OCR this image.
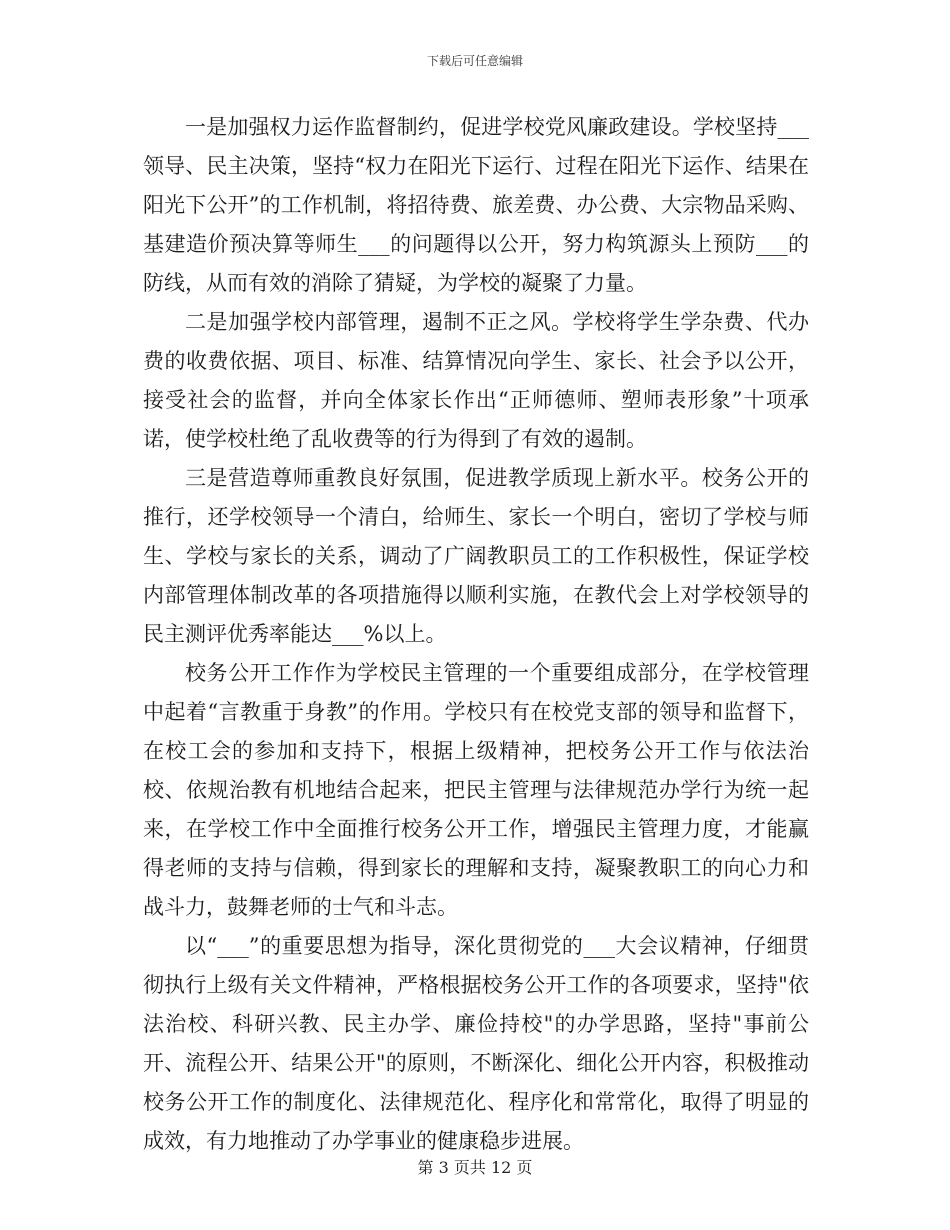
下载后可任意编辑

一是加强权力运作监督制约，促进学校党风廉政建设。学校坚持___领导、民主决策，坚持“权力在阳光下运行、过程在阳光下运作、结果在阳光下公开”的工作机制，将招待费、旅差费、办公费、大宗物品采购、基建造价预决算等师生___的问题得以公开，努力构筑源头上预防___的防线，从而有效的消除了猜疑，为学校的凝聚了力量。

二是加强学校内部管理，遏制不正之风。学校将学生学杂费、代办费的收费依据、项目、标准、结算情况向学生、家长、社会予以公开，接受社会的监督，并向全体家长作出“正师德师、塑师表形象”十项承诺，使学校杜绝了乱收费等的行为得到了有效的遏制。

三是营造尊师重教良好氛围，促进教学质现上新水平。校务公开的推行，还学校领导一个清白，给师生、家长一个明白，密切了学校与师生、学校与家长的关系，调动了广阔教职员工的工作积极性，保证学校内部管理体制改革的各项措施得以顺利实施，在教代会上对学校领导的民主测评优秀率能达___%以上。

校务公开工作作为学校民主管理的一个重要组成部分，在学校管理中起着“言教重于身教”的作用。学校只有在校党支部的领导和监督下，在校工会的参加和支持下，根据上级精神，把校务公开工作与依法治校、依规治教有机地结合起来，把民主管理与法律规范办学行为统一起来，在学校工作中全面推行校务公开工作，增强民主管理力度，才能赢得老师的支持与信赖，得到家长的理解和支持，凝聚教职工的向心力和战斗力，鼓舞老师的士气和斗志。

以“___”的重要思想为指导，深化贯彻党的___大会议精神，仔细贯彻执行上级有关文件精神，严格根据校务公开工作的各项要求，坚持"依法治校、科研兴教、民主办学、廉俭持校"的办学思路，坚持"事前公开、流程公开、结果公开"的原则，不断深化、细化公开内容，积极推动校务公开工作的制度化、法律规范化、程序化和常常化，取得了明显的成效，有力地推动了办学事业的健康稳步进展。

第 3 页共 12 页
